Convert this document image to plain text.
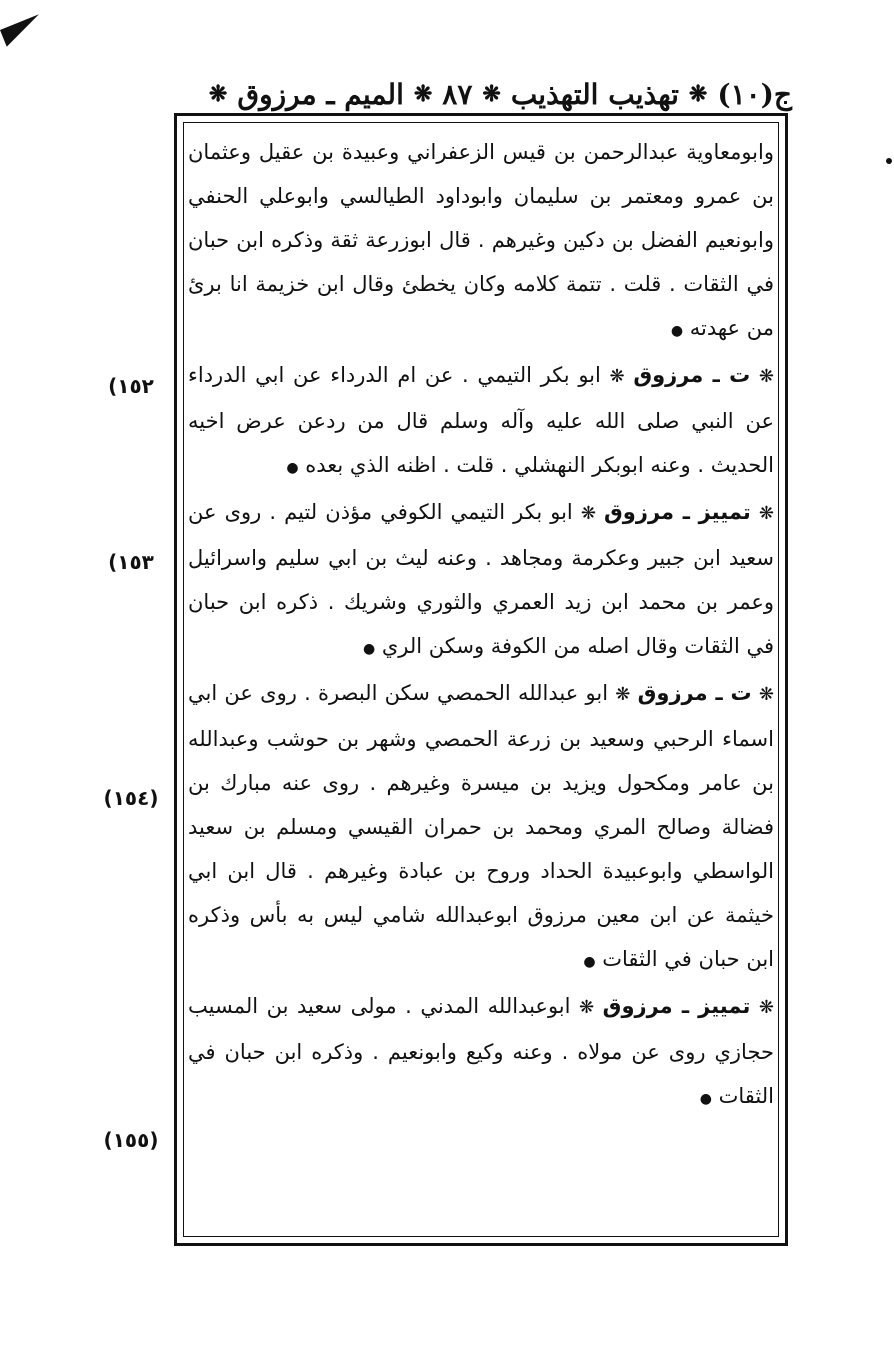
ج(١٠)
❋
تهذيب التهذيب
❋
٨٧
❋
الميم ـ مرزوق
❋

وابومعاوية عبدالرحمن بن قيس الزعفراني وعبيدة بن عقيل وعثمان بن عمرو ومعتمر بن سليمان وابوداود الطيالسي وابوعلي الحنفي وابونعيم الفضل بن دكين وغيرهم . قال ابوزرعة ثقة وذكره ابن حبان في الثقات . قلت . تتمة كلامه وكان يخطئ وقال ابن خزيمة انا برئ من عهدته ●

❋ ت ـ مرزوق ❋ ابو بكر التيمي . عن ام الدرداء عن ابي الدرداء عن النبي صلى الله عليه وآله وسلم قال من ردعن عرض اخيه الحديث . وعنه ابوبكر النهشلي . قلت . اظنه الذي بعده ●

❋ تمييز ـ مرزوق ❋ ابو بكر التيمي الكوفي مؤذن لتيم . روى عن سعيد ابن جبير وعكرمة ومجاهد . وعنه ليث بن ابي سليم واسرائيل وعمر بن محمد ابن زيد العمري والثوري وشريك . ذكره ابن حبان في الثقات وقال اصله من الكوفة وسكن الري ●

❋ ت ـ مرزوق ❋ ابو عبدالله الحمصي سكن البصرة . روى عن ابي اسماء الرحبي وسعيد بن زرعة الحمصي وشهر بن حوشب وعبدالله بن عامر ومكحول ويزيد بن ميسرة وغيرهم . روى عنه مبارك بن فضالة وصالح المري ومحمد بن حمران القيسي ومسلم بن سعيد الواسطي وابوعبيدة الحداد وروح بن عبادة وغيرهم . قال ابن ابي خيثمة عن ابن معين مرزوق ابوعبدالله شامي ليس به بأس وذكره ابن حبان في الثقات ●

❋ تمييز ـ مرزوق ❋ ابوعبدالله المدني . مولى سعيد بن المسيب حجازي روى عن مولاه . وعنه وكيع وابونعيم . وذكره ابن حبان في الثقات ●

(١٥٢
(١٥٣
(١٥٤)
(١٥٥)
